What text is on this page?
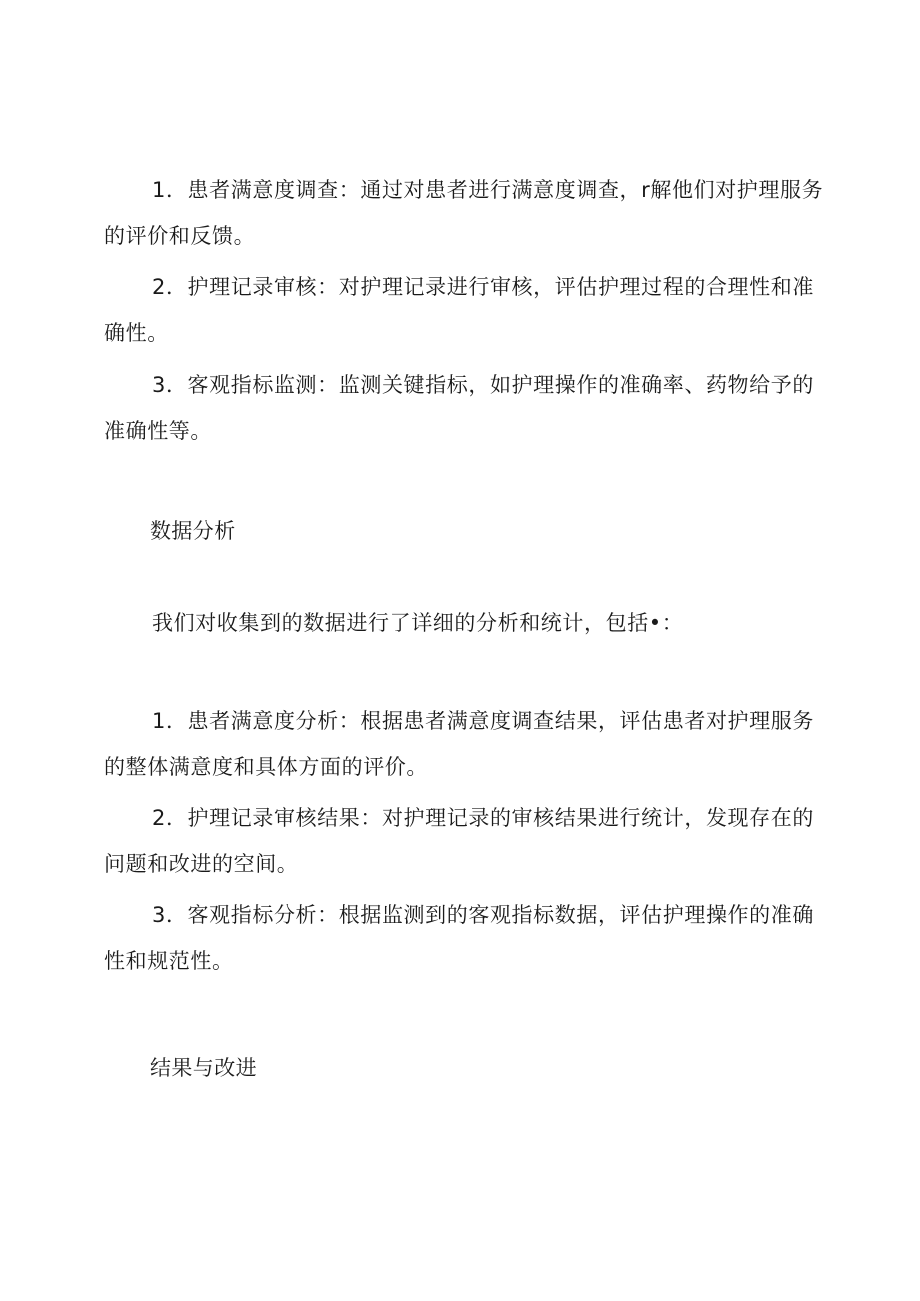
1．患者满意度调查：通过对患者进行满意度调查，r解他们对护理服务的评价和反馈。

2．护理记录审核：对护理记录进行审核，评估护理过程的合理性和准确性。

3．客观指标监测：监测关键指标，如护理操作的准确率、药物给予的准确性等。

数据分析

我们对收集到的数据进行了详细的分析和统计，包括•：

1．患者满意度分析：根据患者满意度调查结果，评估患者对护理服务的整体满意度和具体方面的评价。

2．护理记录审核结果：对护理记录的审核结果进行统计，发现存在的问题和改进的空间。

3．客观指标分析：根据监测到的客观指标数据，评估护理操作的准确性和规范性。

结果与改进
